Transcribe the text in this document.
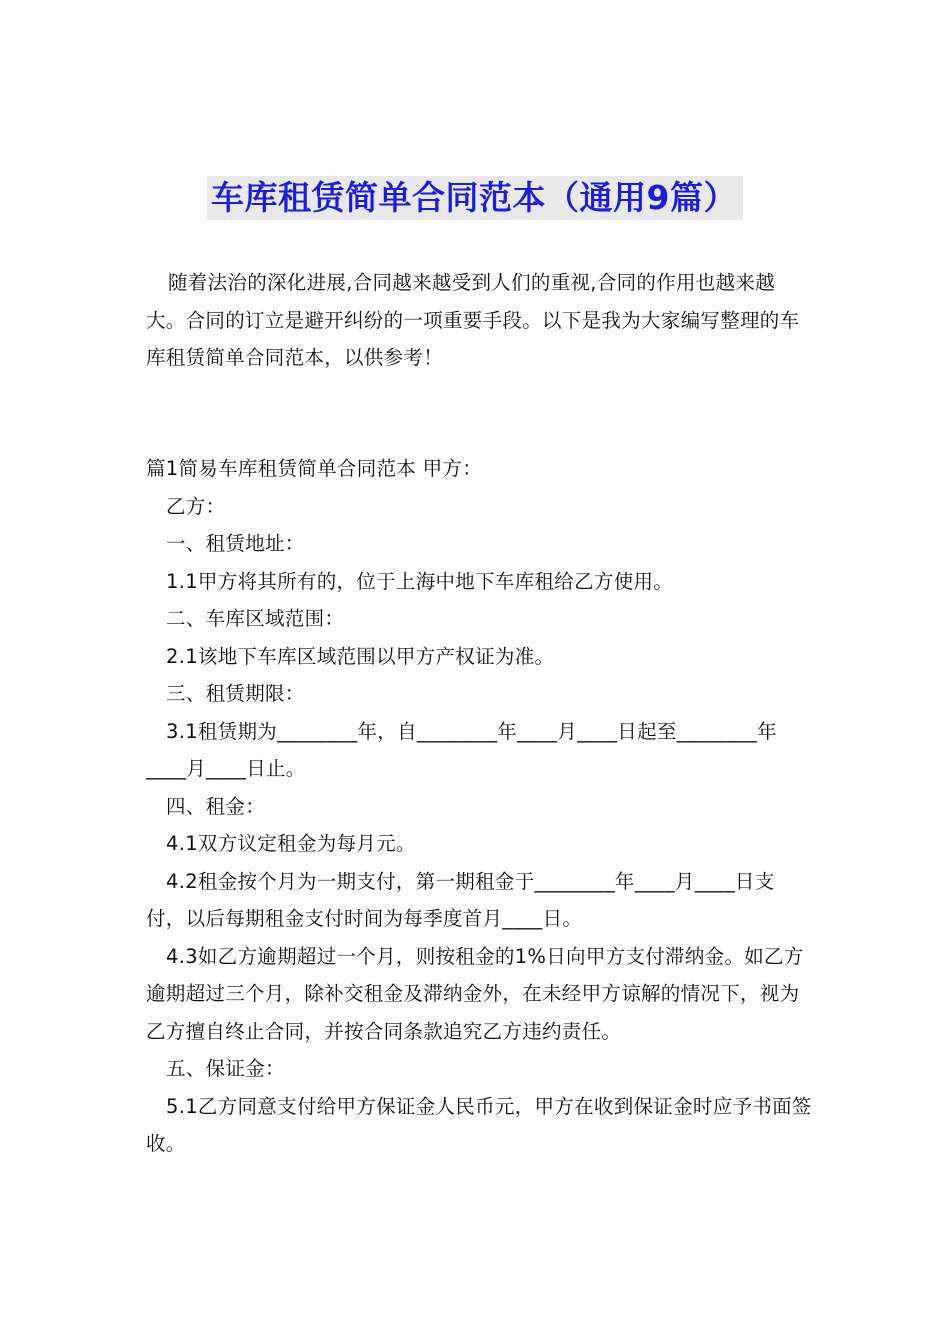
车库租赁简单合同范本（通用9篇）

随着法治的深化进展,合同越来越受到人们的重视,合同的作用也越来越大。合同的订立是避开纠纷的一项重要手段。以下是我为大家编写整理的车库租赁简单合同范本，以供参考！

篇1简易车库租赁简单合同范本 甲方：

乙方：

一、租赁地址：

1.1甲方将其所有的，位于上海中地下车库租给乙方使用。

二、车库区域范围：

2.1该地下车库区域范围以甲方产权证为准。

三、租赁期限：

3.1租赁期为________年，自________年____月____日起至________年____月____日止。

四、租金：

4.1双方议定租金为每月元。

4.2租金按个月为一期支付，第一期租金于________年____月____日支付，以后每期租金支付时间为每季度首月____日。

4.3如乙方逾期超过一个月，则按租金的1%日向甲方支付滞纳金。如乙方逾期超过三个月，除补交租金及滞纳金外，在未经甲方谅解的情况下，视为乙方擅自终止合同，并按合同条款追究乙方违约责任。

五、保证金：

5.1乙方同意支付给甲方保证金人民币元，甲方在收到保证金时应予书面签收。
